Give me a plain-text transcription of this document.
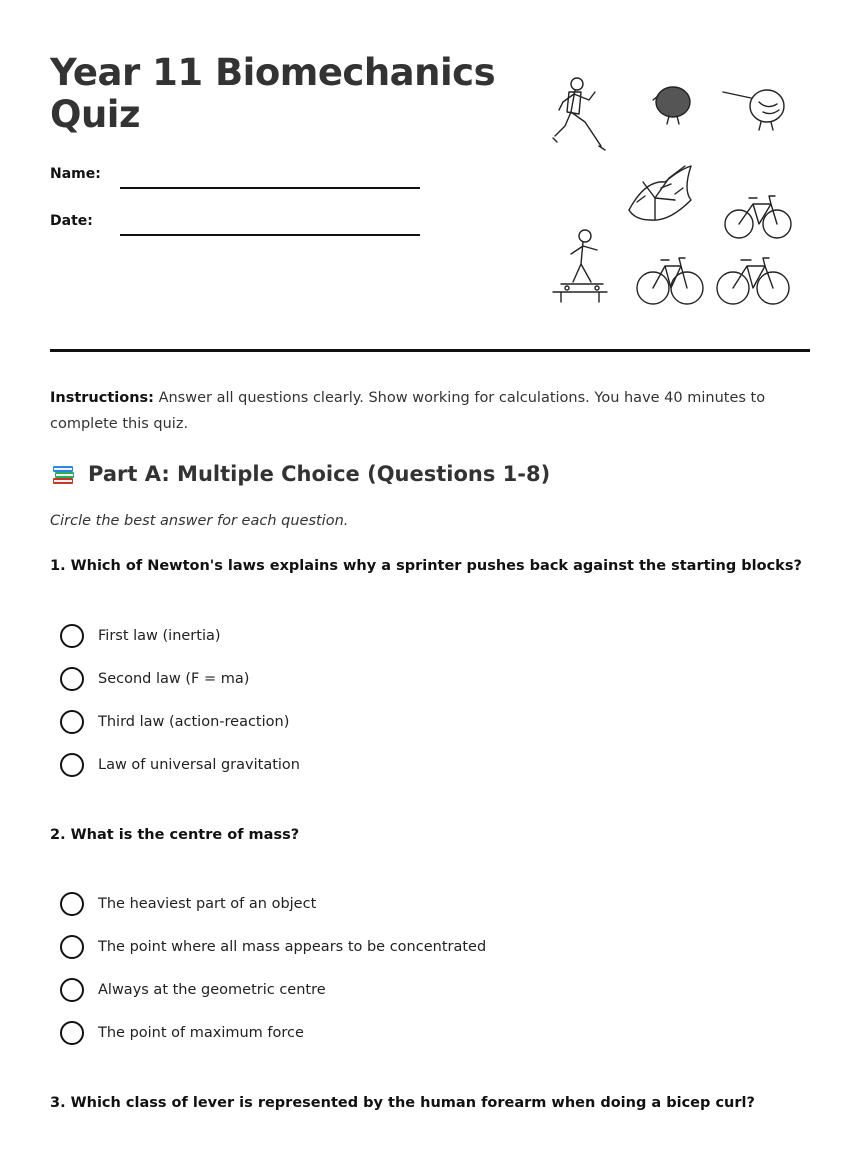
Year 11 Biomechanics Quiz
Name:
Date:

Instructions: Answer all questions clearly. Show working for calculations. You have 40 minutes to complete this quiz.

Part A: Multiple Choice (Questions 1-8)

Circle the best answer for each question.

1. Which of Newton's laws explains why a sprinter pushes back against the starting blocks?

First law (inertia)
Second law (F = ma)
Third law (action-reaction)
Law of universal gravitation

2. What is the centre of mass?

The heaviest part of an object
The point where all mass appears to be concentrated
Always at the geometric centre
The point of maximum force

3. Which class of lever is represented by the human forearm when doing a bicep curl?
